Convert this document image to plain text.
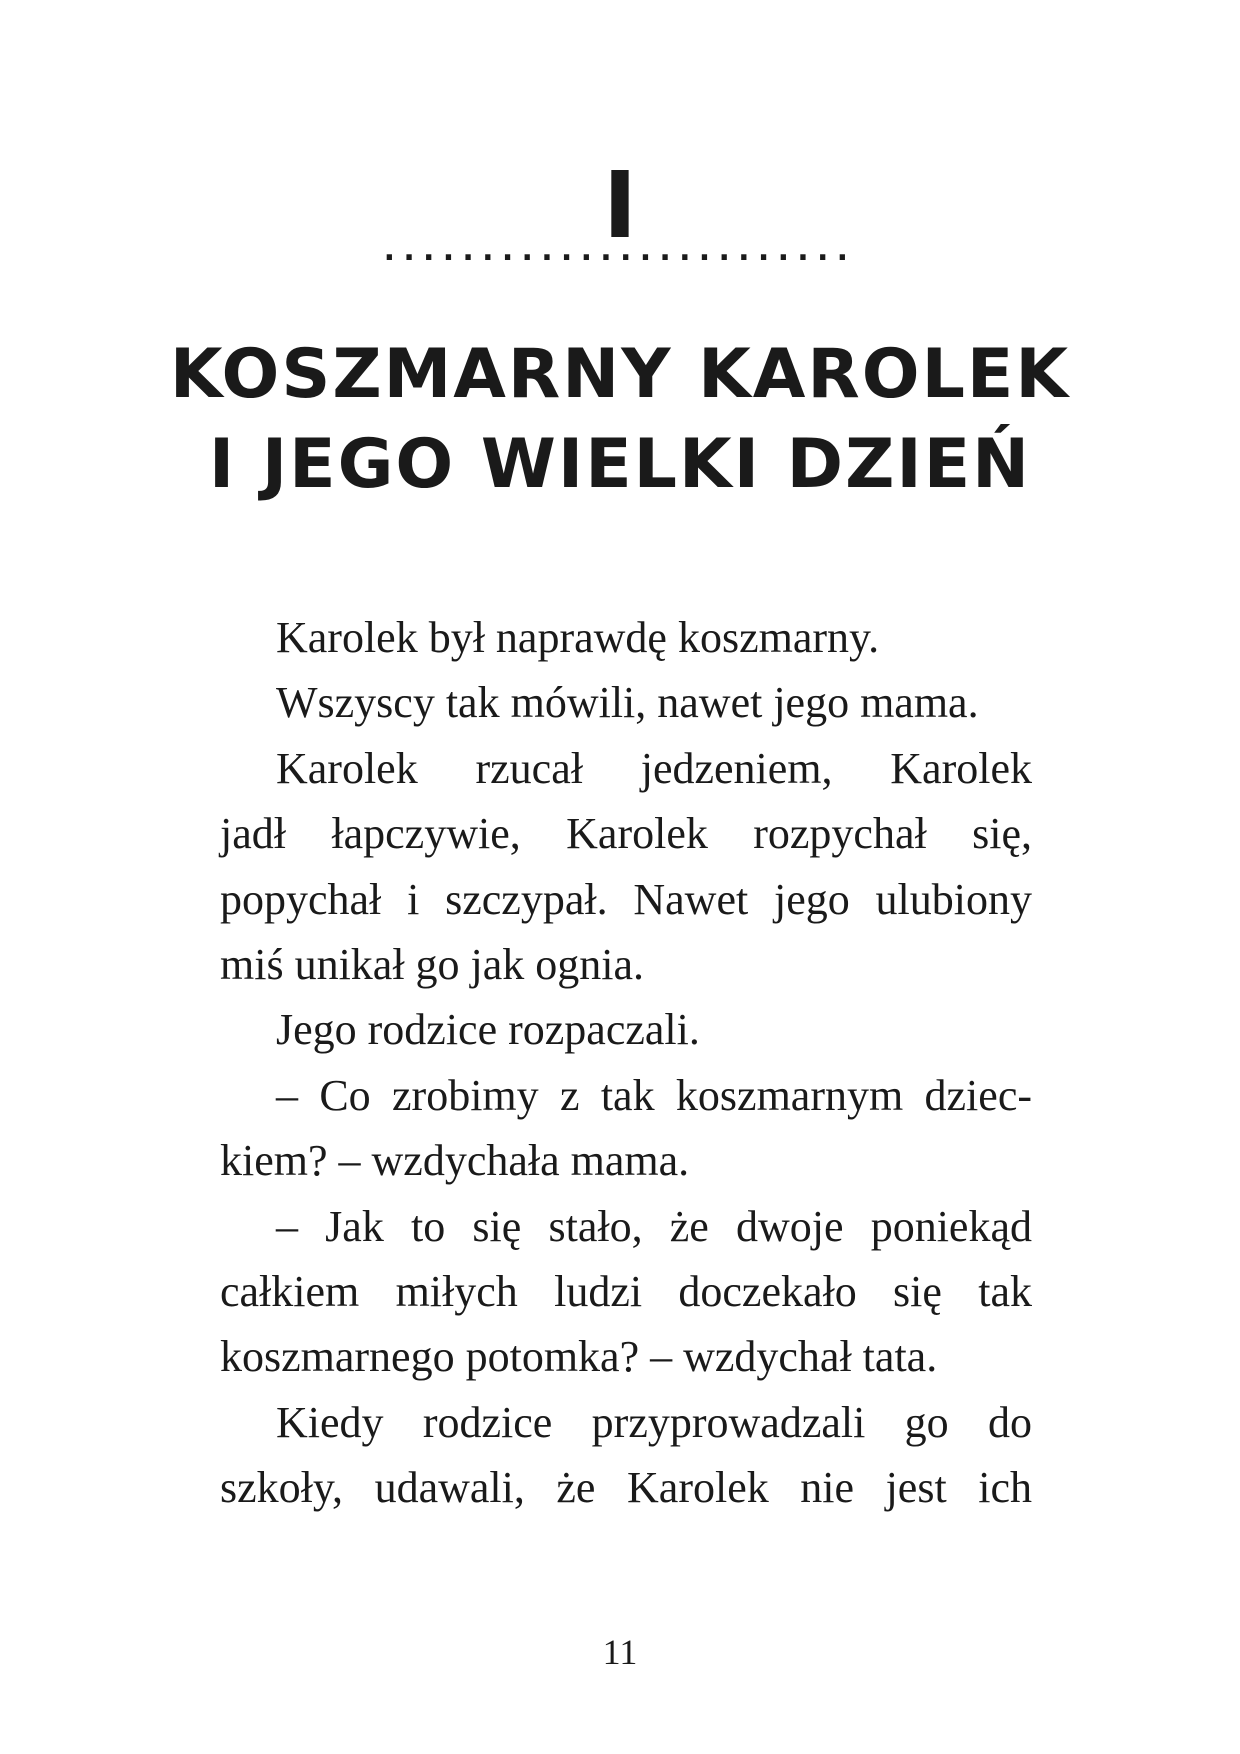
I
........................
KOSZMARNY KAROLEK
I JEGO WIELKI DZIEŃ
Karolek był naprawdę koszmarny.
Wszyscy tak mówili, nawet jego mama.
Karolek rzucał jedzeniem, Karolek
jadł łapczywie, Karolek rozpychał się,
popychał i szczypał. Nawet jego ulubiony
miś unikał go jak ognia.
Jego rodzice rozpaczali.
– Co zrobimy z tak koszmarnym dziec-
kiem? – wzdychała mama.
– Jak to się stało, że dwoje poniekąd
całkiem miłych ludzi doczekało się tak
koszmarnego potomka? – wzdychał tata.
Kiedy rodzice przyprowadzali go do
szkoły, udawali, że Karolek nie jest ich
11
